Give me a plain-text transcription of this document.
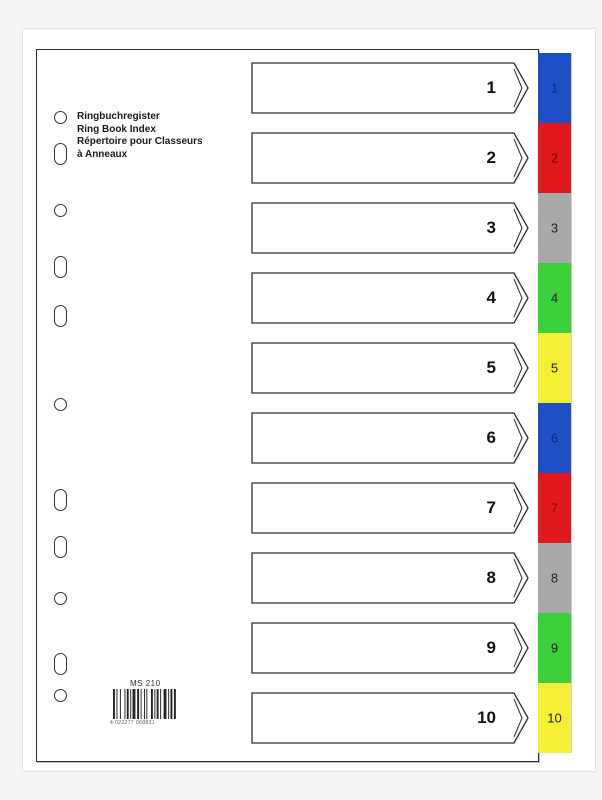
Ringbuchregister
Ring Book Index
Répertoire pour Classeurs
à Anneaux
1
2
3
4
5
6
7
8
9
10
1
2
3
4
5
6
7
8
9
10
MS 210
4 022277 068831
